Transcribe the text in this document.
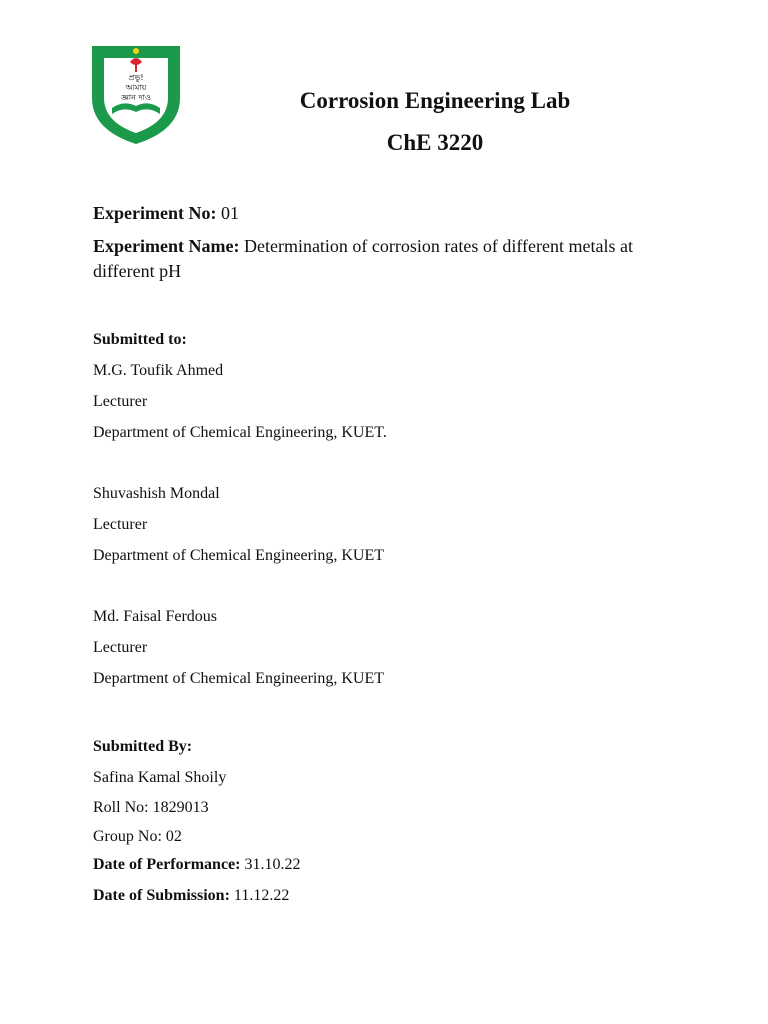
প্রভু!
আমায়
জ্ঞান দাও	Corrosion Engineering Lab
ChE 3220
Experiment No: 01
Experiment Name: Determination of corrosion rates of different metals at different pH
Submitted to:
M.G. Toufik Ahmed
Lecturer
Department of Chemical Engineering, KUET.
Shuvashish Mondal
Lecturer
Department of Chemical Engineering, KUET
Md. Faisal Ferdous
Lecturer
Department of Chemical Engineering, KUET
Submitted By:
Safina Kamal Shoily
Roll No: 1829013
Group No: 02
Date of Performance: 31.10.22
Date of Submission: 11.12.22
